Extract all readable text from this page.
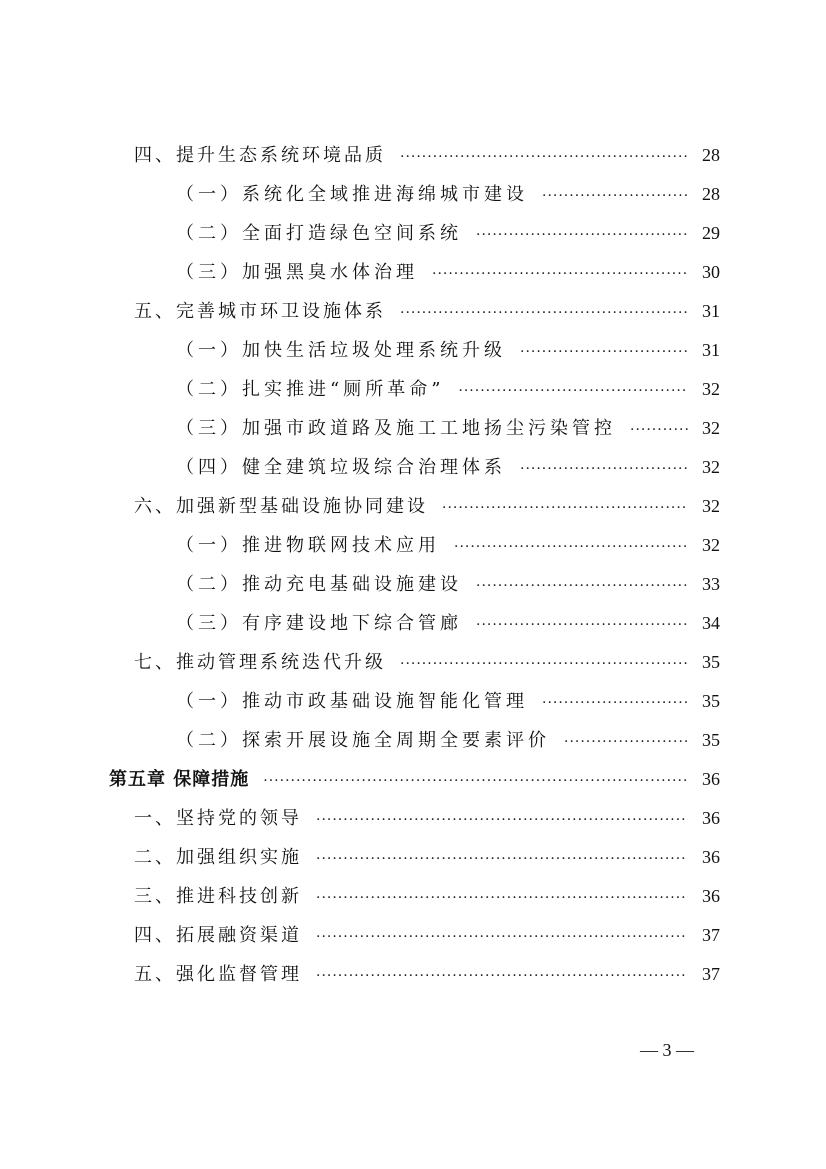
四、提升生态系统环境品质 ·····	28
（一）系统化全域推进海绵城市建设 ·····	28
（二）全面打造绿色空间系统 ·····	29
（三）加强黑臭水体治理 ·····	30
五、完善城市环卫设施体系 ·····	31
（一）加快生活垃圾处理系统升级 ·····	31
（二）扎实推进“厕所革命” ·····	32
（三）加强市政道路及施工工地扬尘污染管控 ·····	32
（四）健全建筑垃圾综合治理体系 ·····	32
六、加强新型基础设施协同建设 ·····	32
（一）推进物联网技术应用 ·····	32
（二）推动充电基础设施建设 ·····	33
（三）有序建设地下综合管廊 ·····	34
七、推动管理系统迭代升级 ·····	35
（一）推动市政基础设施智能化管理 ·····	35
（二）探索开展设施全周期全要素评价 ·····	35
第五章 保障措施 ·····	36
一、坚持党的领导 ·····	36
二、加强组织实施 ·····	36
三、推进科技创新 ·····	36
四、拓展融资渠道 ·····	37
五、强化监督管理 ·····	37
— 3 —
